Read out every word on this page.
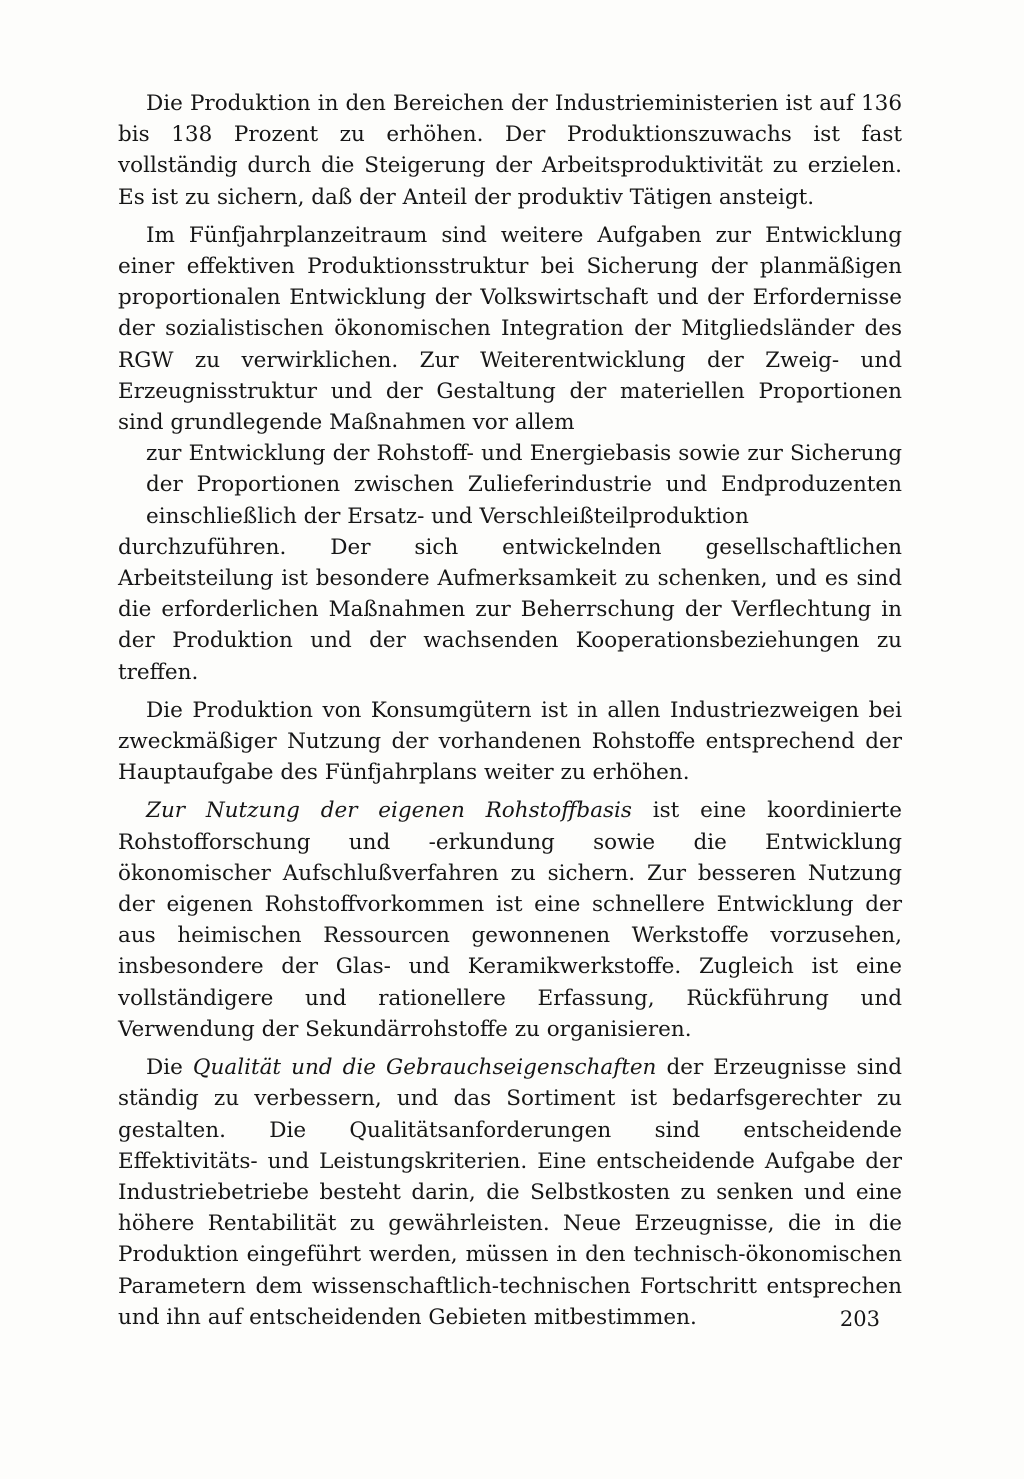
Die Produktion in den Bereichen der Industrieministerien ist auf 136 bis 138 Prozent zu erhöhen. Der Produktionszuwachs ist fast vollständig durch die Steigerung der Arbeitsproduktivität zu erzielen. Es ist zu sichern, daß der Anteil der produktiv Tätigen ansteigt.

Im Fünfjahrplanzeitraum sind weitere Aufgaben zur Entwicklung einer effektiven Produktionsstruktur bei Sicherung der planmäßigen proportionalen Entwicklung der Volkswirtschaft und der Erfordernisse der sozialistischen ökonomischen Integration der Mitgliedsländer des RGW zu verwirklichen. Zur Weiterentwicklung der Zweig- und Erzeugnisstruktur und der Gestaltung der materiellen Proportionen sind grundlegende Maßnahmen vor allem

zur Entwicklung der Rohstoff- und Energiebasis sowie zur Sicherung der Proportionen zwischen Zulieferindustrie und Endproduzenten einschließlich der Ersatz- und Verschleißteilproduktion

durchzuführen. Der sich entwickelnden gesellschaftlichen Arbeitsteilung ist besondere Aufmerksamkeit zu schenken, und es sind die erforderlichen Maßnahmen zur Beherrschung der Verflechtung in der Produktion und der wachsenden Kooperationsbeziehungen zu treffen.

Die Produktion von Konsumgütern ist in allen Industriezweigen bei zweckmäßiger Nutzung der vorhandenen Rohstoffe entsprechend der Hauptaufgabe des Fünfjahrplans weiter zu erhöhen.

Zur Nutzung der eigenen Rohstoffbasis ist eine koordinierte Rohstofforschung und -erkundung sowie die Entwicklung ökonomischer Aufschlußverfahren zu sichern. Zur besseren Nutzung der eigenen Rohstoffvorkommen ist eine schnellere Entwicklung der aus heimischen Ressourcen gewonnenen Werkstoffe vorzusehen, insbesondere der Glas- und Keramikwerkstoffe. Zugleich ist eine vollständigere und rationellere Erfassung, Rückführung und Verwendung der Sekundärrohstoffe zu organisieren.

Die Qualität und die Gebrauchseigenschaften der Erzeugnisse sind ständig zu verbessern, und das Sortiment ist bedarfsgerechter zu gestalten. Die Qualitätsanforderungen sind entscheidende Effektivitäts- und Leistungskriterien. Eine entscheidende Aufgabe der Industriebetriebe besteht darin, die Selbstkosten zu senken und eine höhere Rentabilität zu gewährleisten. Neue Erzeugnisse, die in die Produktion eingeführt werden, müssen in den technisch-ökonomischen Parametern dem wissenschaftlich-technischen Fortschritt entsprechen und ihn auf entscheidenden Gebieten mitbestimmen.	203
